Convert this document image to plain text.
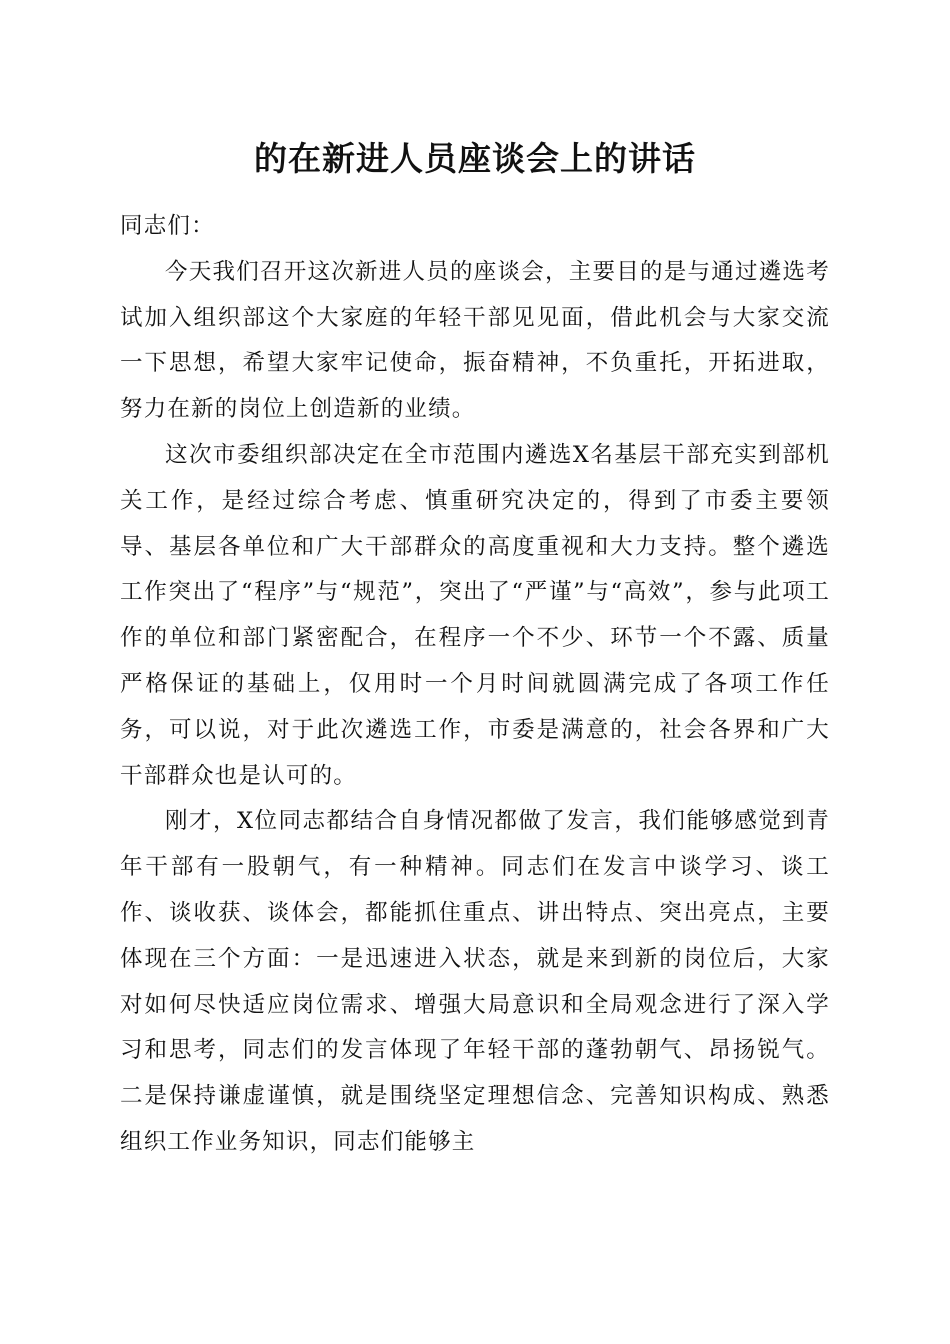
的在新进人员座谈会上的讲话

同志们：

今天我们召开这次新进人员的座谈会，主要目的是与通过遴选考试加入组织部这个大家庭的年轻干部见见面，借此机会与大家交流一下思想，希望大家牢记使命，振奋精神，不负重托，开拓进取，努力在新的岗位上创造新的业绩。

这次市委组织部决定在全市范围内遴选X名基层干部充实到部机关工作，是经过综合考虑、慎重研究决定的，得到了市委主要领导、基层各单位和广大干部群众的高度重视和大力支持。整个遴选工作突出了“程序”与“规范”，突出了“严谨”与“高效”，参与此项工作的单位和部门紧密配合，在程序一个不少、环节一个不露、质量严格保证的基础上，仅用时一个月时间就圆满完成了各项工作任务，可以说，对于此次遴选工作，市委是满意的，社会各界和广大干部群众也是认可的。

刚才，X位同志都结合自身情况都做了发言，我们能够感觉到青年干部有一股朝气，有一种精神。同志们在发言中谈学习、谈工作、谈收获、谈体会，都能抓住重点、讲出特点、突出亮点，主要体现在三个方面：一是迅速进入状态，就是来到新的岗位后，大家对如何尽快适应岗位需求、增强大局意识和全局观念进行了深入学习和思考，同志们的发言体现了年轻干部的蓬勃朝气、昂扬锐气。二是保持谦虚谨慎，就是围绕坚定理想信念、完善知识构成、熟悉组织工作业务知识，同志们能够主
